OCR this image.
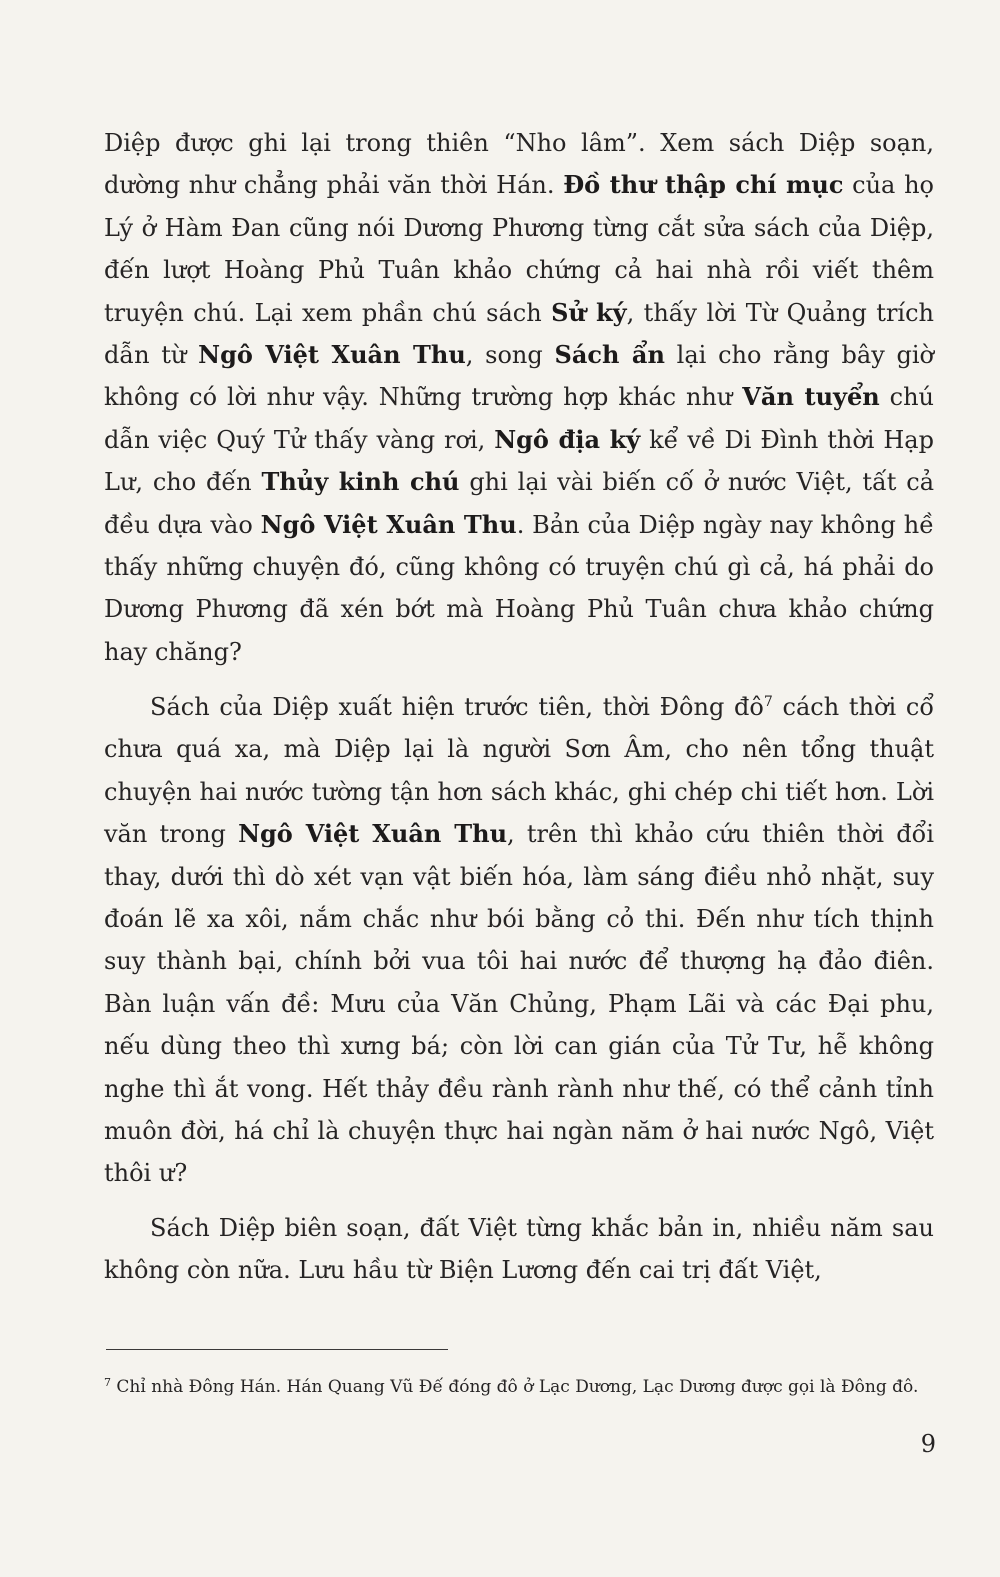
Diệp được ghi lại trong thiên “Nho lâm”. Xem sách Diệp soạn, dường như chẳng phải văn thời Hán. Đồ thư thập chí mục của họ Lý ở Hàm Đan cũng nói Dương Phương từng cắt sửa sách của Diệp, đến lượt Hoàng Phủ Tuân khảo chứng cả hai nhà rồi viết thêm truyện chú. Lại xem phần chú sách Sử ký, thấy lời Từ Quảng trích dẫn từ Ngô Việt Xuân Thu, song Sách ẩn lại cho rằng bây giờ không có lời như vậy. Những trường hợp khác như Văn tuyển chú dẫn việc Quý Tử thấy vàng rơi, Ngô địa ký kể về Di Đình thời Hạp Lư, cho đến Thủy kinh chú ghi lại vài biến cố ở nước Việt, tất cả đều dựa vào Ngô Việt Xuân Thu. Bản của Diệp ngày nay không hề thấy những chuyện đó, cũng không có truyện chú gì cả, há phải do Dương Phương đã xén bớt mà Hoàng Phủ Tuân chưa khảo chứng hay chăng?

Sách của Diệp xuất hiện trước tiên, thời Đông đô$^7$ cách thời cổ chưa quá xa, mà Diệp lại là người Sơn Âm, cho nên tổng thuật chuyện hai nước tường tận hơn sách khác, ghi chép chi tiết hơn. Lời văn trong Ngô Việt Xuân Thu, trên thì khảo cứu thiên thời đổi thay, dưới thì dò xét vạn vật biến hóa, làm sáng điều nhỏ nhặt, suy đoán lẽ xa xôi, nắm chắc như bói bằng cỏ thi. Đến như tích thịnh suy thành bại, chính bởi vua tôi hai nước để thượng hạ đảo điên. Bàn luận vấn đề: Mưu của Văn Chủng, Phạm Lãi và các Đại phu, nếu dùng theo thì xưng bá; còn lời can gián của Tử Tư, hễ không nghe thì ắt vong. Hết thảy đều rành rành như thế, có thể cảnh tỉnh muôn đời, há chỉ là chuyện thực hai ngàn năm ở hai nước Ngô, Việt thôi ư?

Sách Diệp biên soạn, đất Việt từng khắc bản in, nhiều năm sau không còn nữa. Lưu hầu từ Biện Lương đến cai trị đất Việt,

$^7$ Chỉ nhà Đông Hán. Hán Quang Vũ Đế đóng đô ở Lạc Dương, Lạc Dương được gọi là Đông đô.
9
